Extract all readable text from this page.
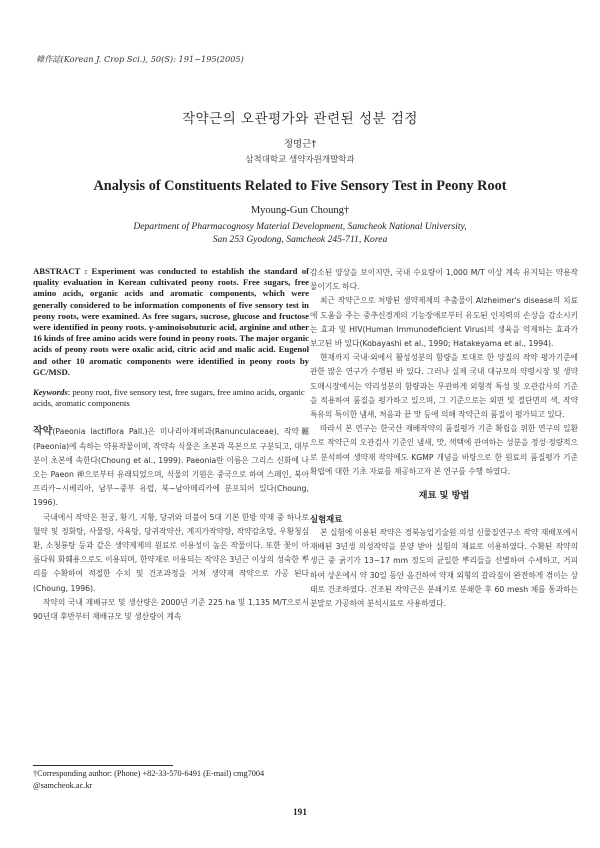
韓作誌(Korean J. Crop Sci.), 50(S): 191~195(2005)
작약근의 오관평가와 관련된 성분 검정
정명근†
삼척대학교 생약자원개발학과
Analysis of Constituents Related to Five Sensory Test in Peony Root
Myoung-Gun Choung†
Department of Pharmacognosy Material Development, Samcheok National University,
San 253 Gyodong, Samcheok 245-711, Korea

ABSTRACT : Experiment was conducted to establish the standard of quality evaluation in Korean cultivated peony roots. Free sugars, free amino acids, organic acids and aromatic components, which were generally considered to be information components of five sensory test in peony roots, were examined. As free sugars, sucrose, glucose and fructose were identified in peony roots. γ-aminoisobuturic acid, arginine and other 16 kinds of free amino acids were found in peony roots. The major organic acids of peony roots were oxalic acid, citric acid and malic acid. Eugenol and other 10 aromatic components were identified in peony roots by GC/MSD.

Keywords: peony root, five sensory test, free sugars, free amino acids, organic acids, aromatic components

작약(Paeonia lactiflora Pall.)은 미나리아재비과(Ranunculaceae), 작약屬(Paeonia)에 속하는 약용작물이며, 작약속 식물은 초본과 목본으로 구분되고, 대부분이 초본에 속한다(Choung et al., 1999). Paeonia란 이름은 그리스 신화에 나오는 Paeon 神으로부터 유래되었으며, 식물의 기원은 중국으로 하여 스페인, 북아프리카~시베리아, 남부~중부 유럽, 북~남아메리카에 분포되어 있다(Choung, 1996).

국내에서 작약은 천궁, 황기, 지황, 당귀와 더불어 5대 기본 한방 약재 중 하나로 혈약 및 정화탕, 사물탕, 사육탕, 당귀작약산, 계지가작약탕, 작약감초탕, 우황청심환, 소청룡탕 등과 같은 생약제제의 원료로 이용성이 높은 작물이다. 또한 꽃이 아름다워 화훼용으로도 이용되며, 한약재로 이용되는 작약은 3년근 이상의 성숙한 뿌리를 수확하여 적절한 수치 및 건조과정을 거쳐 생약재 작약으로 가공 된다(Choung, 1996).

작약의 국내 재배규모 및 생산량은 2000년 기준 225 ha 및 1,135 M/T으로서 90년대 후반부터 재배규모 및 생산량이 계속

감소된 양상을 보이지만, 국내 수요량이 1,000 M/T 이상 계속 유지되는 약용작물이기도 하다.

최근 작약근으로 처방된 생약제제의 추출물이 Alzheimer's disease의 치료에 도움을 주는 중추신경계의 기능장애로부터 유도된 인지력의 손상을 감소시키는 효과 및 HIV(Human Immunodeficient Virus)의 생육을 억제하는 효과가 보고된 바 있다(Kobayashi et al., 1990; Hatakeyama et al., 1994).

현재까지 국내·외에서 활성성분의 함량을 토대로 한 양질의 작약 평가기준에 관한 많은 연구가 수행된 바 있다. 그러나 실제 국내 대규모의 약령시장 및 생약 도매시장에서는 약리성분의 함량과는 무관하게 외형적 특성 및 오관감사의 기준을 적용하여 품질을 평가하고 있으며, 그 기준으로는 외면 및 절단면의 색, 작약 특유의 특이한 냄새, 처음과 끝 맛 등에 의해 작약근의 품질이 평가되고 있다.

따라서 본 연구는 한국산 재배작약의 품질평가 기준 확립을 위한 연구의 일환으로 작약근의 오관검사 기준인 냄새, 맛, 색택에 관여하는 성분을 정성·정량적으로 분석하여 생약재 작약에도 KGMP 개념을 바탕으로 한 원료의 품질평가 기준 확립에 대한 기초 자료를 제공하고자 본 연구를 수행 하였다.

재료 및 방법

실험재료

본 실험에 이용된 작약은 경북농업기술원 의성 신물질연구소 작약 재배포에서 재배된 3년생 의성작약을 분양 받아 실험의 재료로 이용하였다. 수확된 작약의 생근 중 굵기가 13~17 mm 정도의 균일한 뿌리들을 선별하여 수세하고, 거피하여 상온에서 약 30일 동안 음건하여 약재 외형의 갈라짐이 완전하게 겪이는 상태로 건조하였다. 건조된 작약근은 분쇄기로 분쇄한 후 60 mesh 체를 통과하는 분말로 가공하여 분석시료로 사용하였다.

†Corresponding author: (Phone) +82-33-570-6491 (E-mail) cmg7004 @samcheok.ac.kr
191
